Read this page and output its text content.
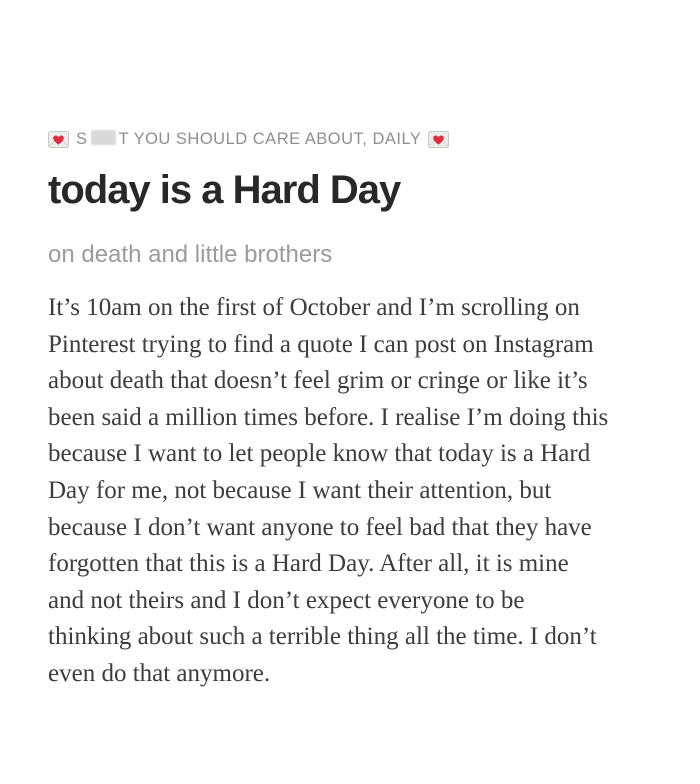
S T YOU SHOULD CARE ABOUT, DAILY
today is a Hard Day
on death and little brothers
It’s 10am on the first of October and I’m scrolling on
Pinterest trying to find a quote I can post on Instagram
about death that doesn’t feel grim or cringe or like it’s
been said a million times before. I realise I’m doing this
because I want to let people know that today is a Hard
Day for me, not because I want their attention, but
because I don’t want anyone to feel bad that they have
forgotten that this is a Hard Day. After all, it is mine
and not theirs and I don’t expect everyone to be
thinking about such a terrible thing all the time. I don’t
even do that anymore.
